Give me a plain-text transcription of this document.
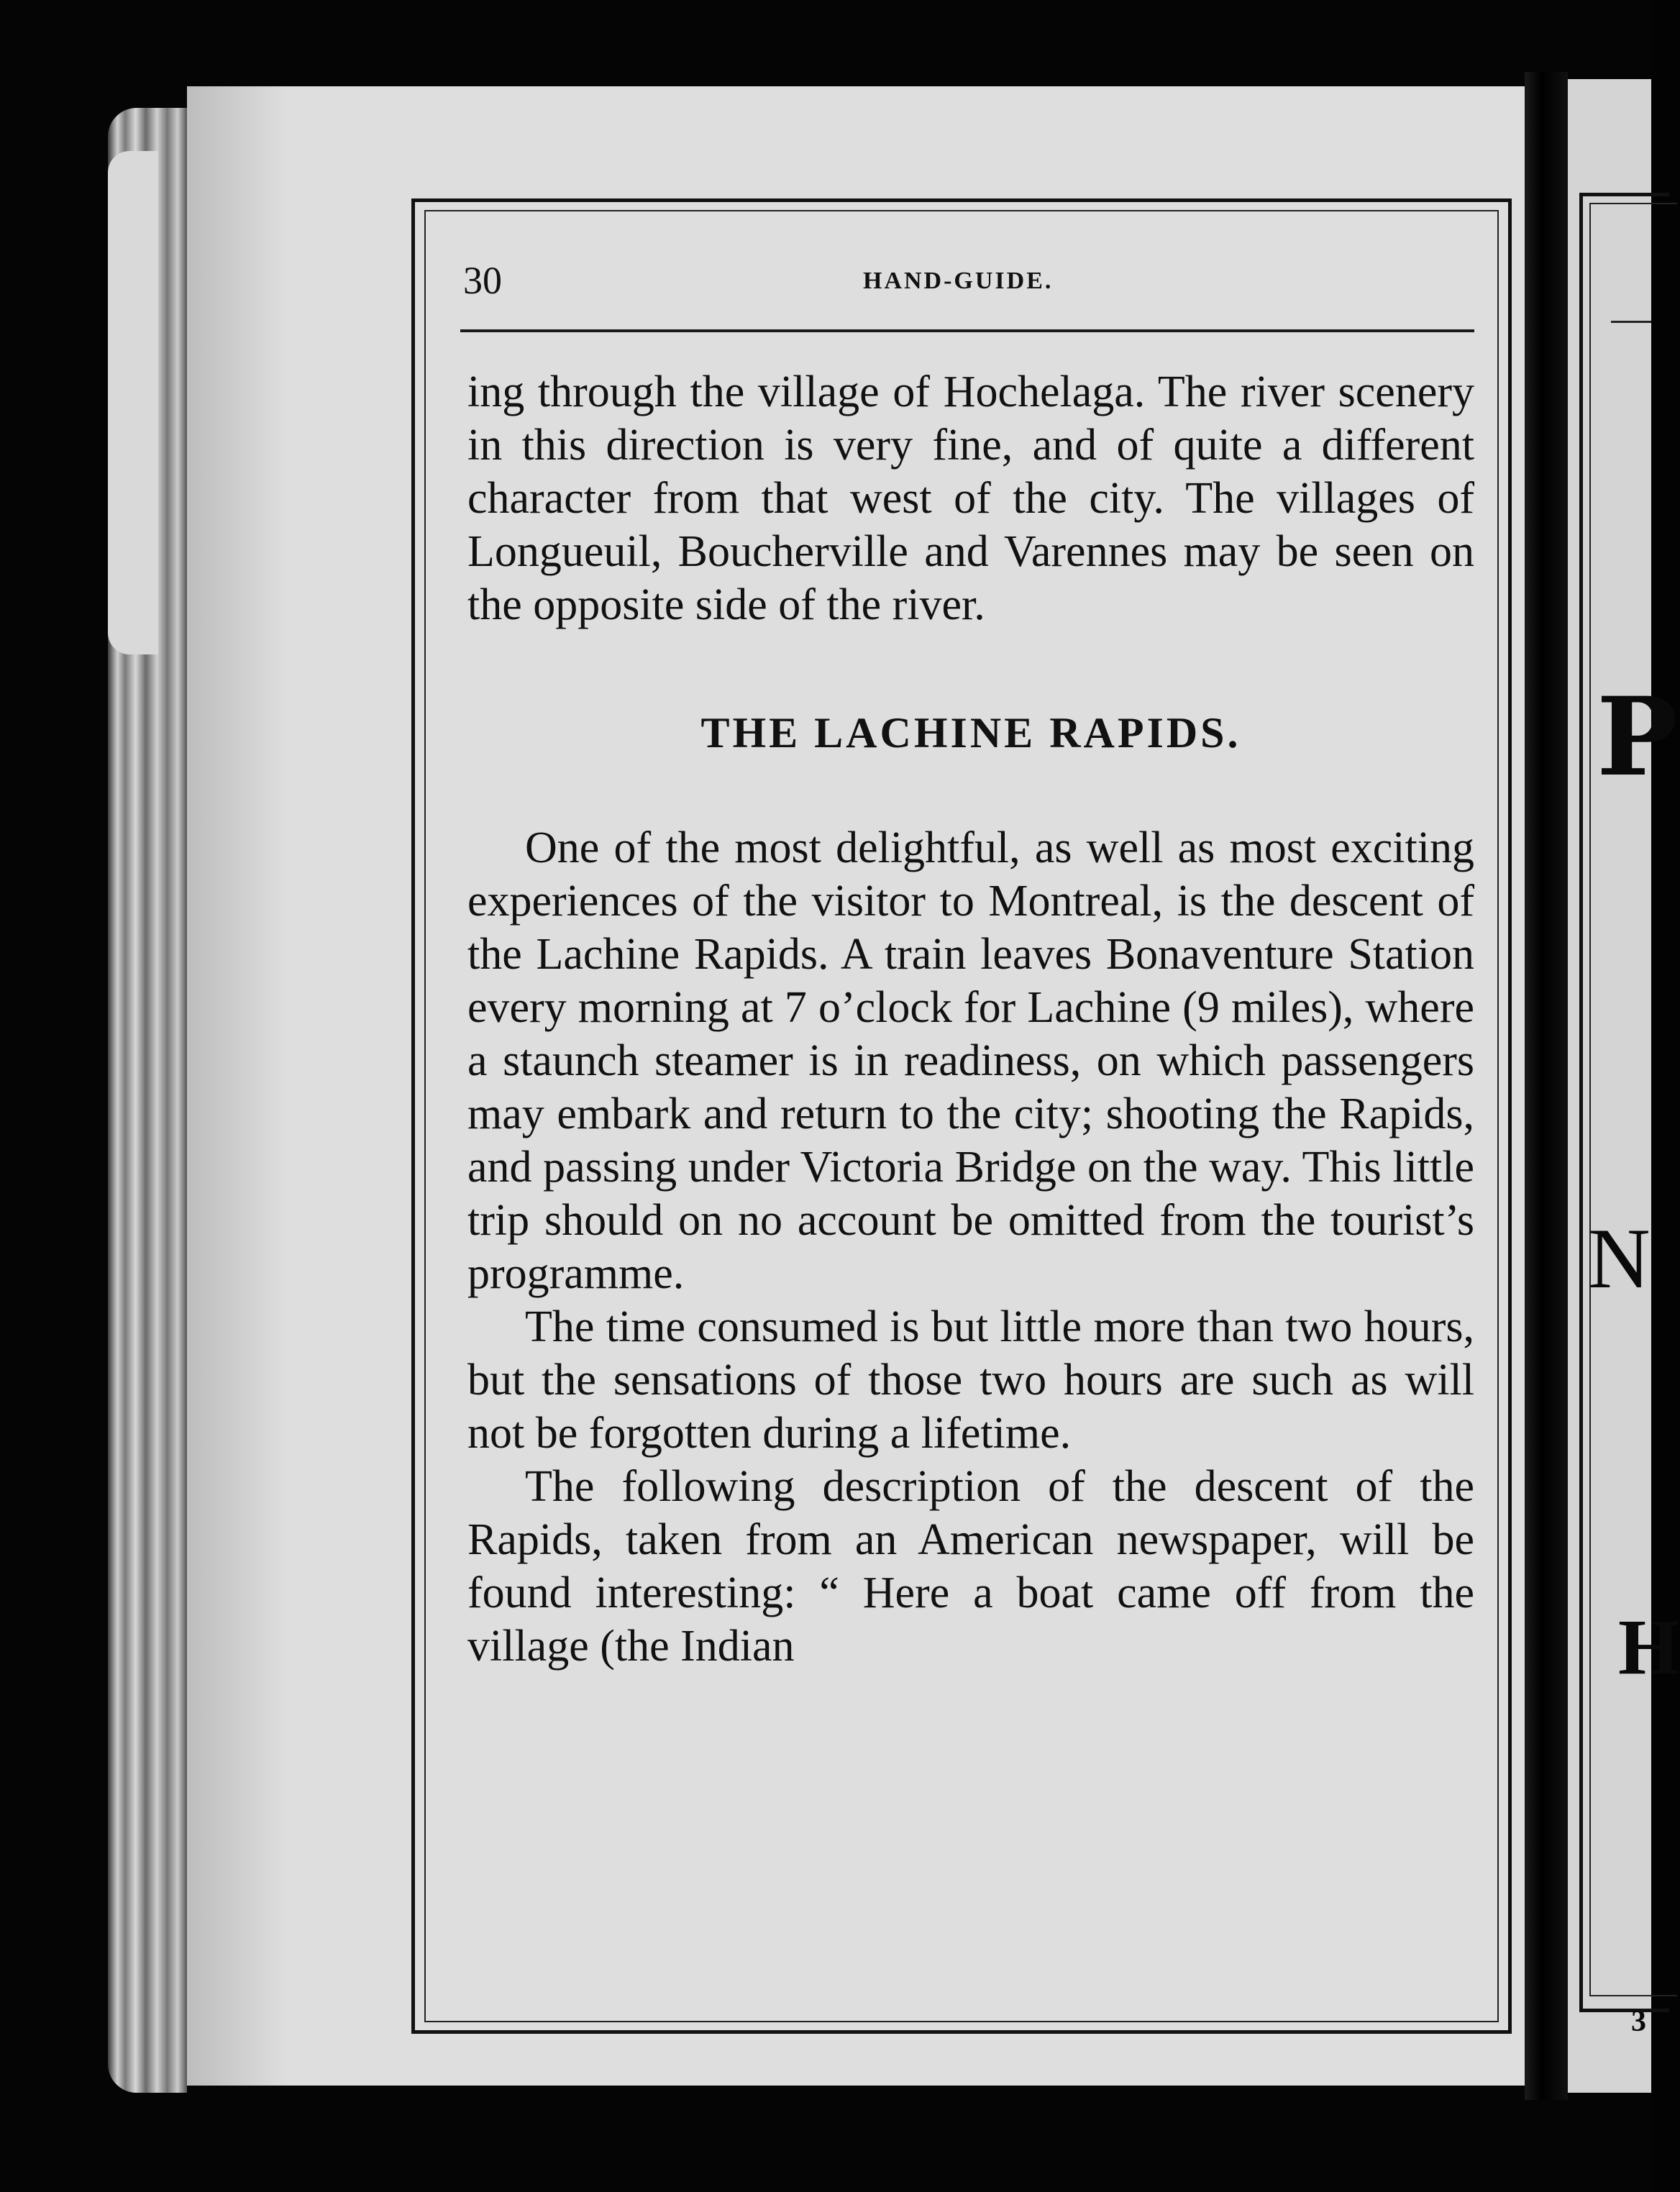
P
N
H
3
30	HAND-GUIDE.

ing through the village of Hochelaga. The river scenery in this direction is very fine, and of quite a different character from that west of the city. The villages of Longueuil, Boucherville and Varennes may be seen on the opposite side of the river.

THE LACHINE RAPIDS.

One of the most delightful, as well as most exciting experiences of the visitor to Montreal, is the descent of the Lachine Rapids. A train leaves Bonaventure Station every morning at 7 o’clock for Lachine (9 miles), where a staunch steamer is in readiness, on which passengers may embark and return to the city; shooting the Rapids, and passing under Victoria Bridge on the way. This little trip should on no account be omitted from the tourist’s programme.

The time consumed is but little more than two hours, but the sensations of those two hours are such as will not be forgotten during a lifetime.

The following description of the descent of the Rapids, taken from an American newspaper, will be found interesting: “ Here a boat came off from the village (the Indian
